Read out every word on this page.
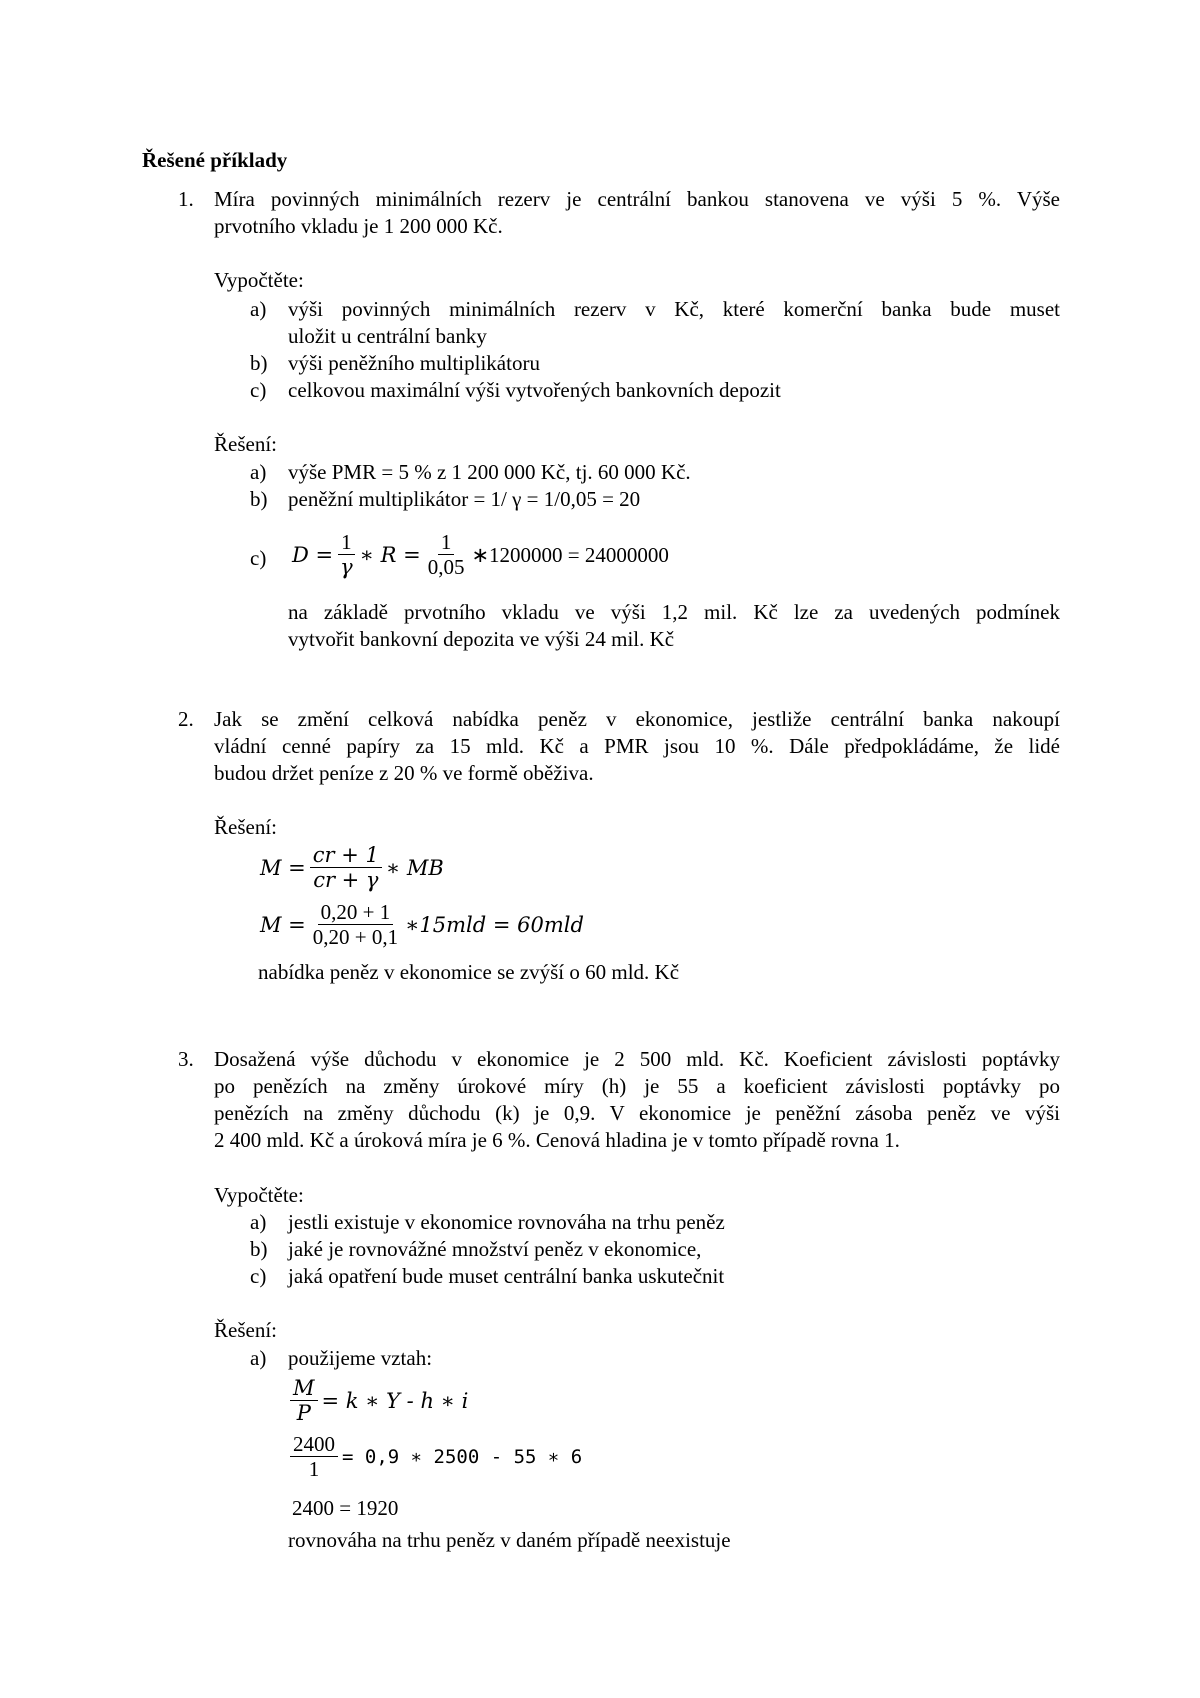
Řešené příklady
1. Míra povinných minimálních rezerv je centrální bankou stanovena ve výši 5 %. Výše
prvotního vkladu je 1 200 000 Kč.
Vypočtěte:
a) výši povinných minimálních rezerv v Kč, které komerční banka bude muset
uložit u centrální banky
b) výši peněžního multiplikátoru
c) celkovou maximální výši vytvořených bankovních depozit
Řešení:
a) výše PMR = 5 % z 1 200 000 Kč, tj. 60 000 Kč.
b) peněžní multiplikátor = 1/ γ = 1/0,05 = 20
c) $D = \frac{1}{\gamma}$ ∗ $R = \frac{1}{0,05}$ ∗1200000 = 24000000
na základě prvotního vkladu ve výši 1,2 mil. Kč lze za uvedených podmínek
vytvořit bankovní depozita ve výši 24 mil. Kč
2. Jak se změní celková nabídka peněz v ekonomice, jestliže centrální banka nakoupí
vládní cenné papíry za 15 mld. Kč a PMR jsou 10 %. Dále předpokládáme, že lidé
budou držet peníze z 20 % ve formě oběživa.
Řešení:
$M = \frac{cr + 1}{cr + \gamma}$ ∗ MB
$M = \frac{0,20 + 1}{0,20 + 0,1}$ ∗15mld = 60mld
nabídka peněz v ekonomice se zvýší o 60 mld. Kč
3. Dosažená výše důchodu v ekonomice je 2 500 mld. Kč. Koeficient závislosti poptávky
po penězích na změny úrokové míry (h) je 55 a koeficient závislosti poptávky po
penězích na změny důchodu (k) je 0,9. V ekonomice je peněžní zásoba peněz ve výši
2 400 mld. Kč a úroková míra je 6 %. Cenová hladina je v tomto případě rovna 1.
Vypočtěte:
a) jestli existuje v ekonomice rovnováha na trhu peněz
b) jaké je rovnovážné množství peněz v ekonomice,
c) jaká opatření bude muset centrální banka uskutečnit
Řešení:
a) použijeme vztah:
$\frac{M}{P} = k$ ∗ Y - h ∗ i
$\frac{2400}{1} = 0,9$ ∗ 2500 - 55 ∗ 6
2400 = 1920
rovnováha na trhu peněz v daném případě neexistuje
